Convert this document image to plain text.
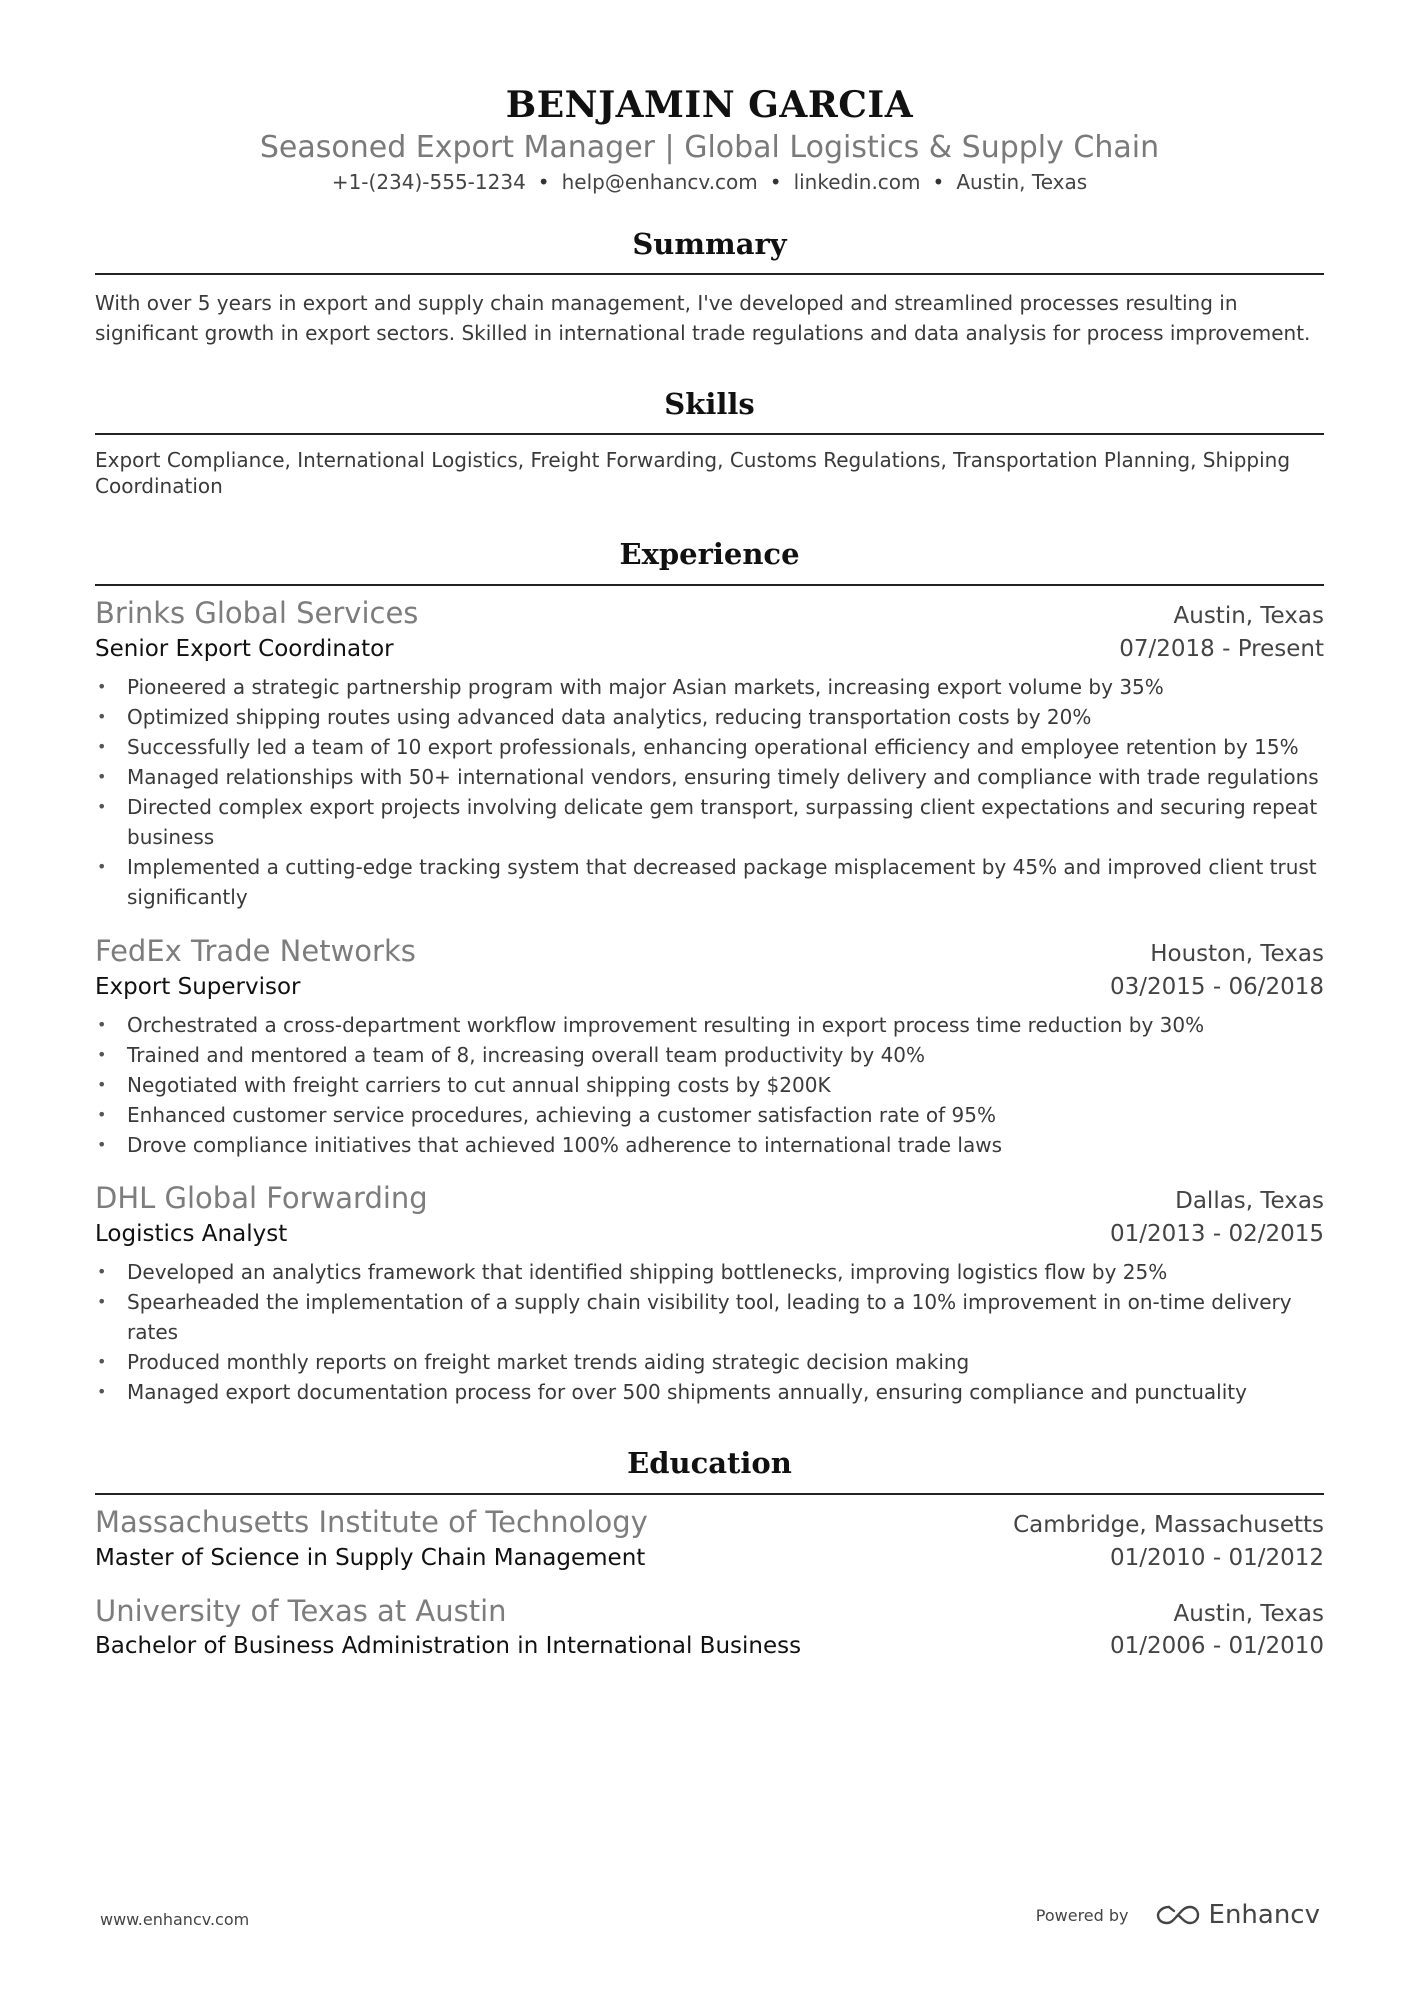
BENJAMIN GARCIA
Seasoned Export Manager | Global Logistics & Supply Chain
+1-(234)-555-1234 • help@enhancv.com • linkedin.com • Austin, Texas
Summary
With over 5 years in export and supply chain management, I've developed and streamlined processes resulting in significant growth in export sectors. Skilled in international trade regulations and data analysis for process improvement.
Skills
Export Compliance, International Logistics, Freight Forwarding, Customs Regulations, Transportation Planning, Shipping Coordination
Experience
Brinks Global Services	Austin, Texas
Senior Export Coordinator	07/2018 - Present
• Pioneered a strategic partnership program with major Asian markets, increasing export volume by 35%
• Optimized shipping routes using advanced data analytics, reducing transportation costs by 20%
• Successfully led a team of 10 export professionals, enhancing operational efficiency and employee retention by 15%
• Managed relationships with 50+ international vendors, ensuring timely delivery and compliance with trade regulations
• Directed complex export projects involving delicate gem transport, surpassing client expectations and securing repeat business
• Implemented a cutting-edge tracking system that decreased package misplacement by 45% and improved client trust significantly
FedEx Trade Networks	Houston, Texas
Export Supervisor	03/2015 - 06/2018
• Orchestrated a cross-department workflow improvement resulting in export process time reduction by 30%
• Trained and mentored a team of 8, increasing overall team productivity by 40%
• Negotiated with freight carriers to cut annual shipping costs by $200K
• Enhanced customer service procedures, achieving a customer satisfaction rate of 95%
• Drove compliance initiatives that achieved 100% adherence to international trade laws
DHL Global Forwarding	Dallas, Texas
Logistics Analyst	01/2013 - 02/2015
• Developed an analytics framework that identified shipping bottlenecks, improving logistics flow by 25%
• Spearheaded the implementation of a supply chain visibility tool, leading to a 10% improvement in on-time delivery rates
• Produced monthly reports on freight market trends aiding strategic decision making
• Managed export documentation process for over 500 shipments annually, ensuring compliance and punctuality
Education
Massachusetts Institute of Technology	Cambridge, Massachusetts
Master of Science in Supply Chain Management	01/2010 - 01/2012
University of Texas at Austin	Austin, Texas
Bachelor of Business Administration in International Business	01/2006 - 01/2010
www.enhancv.com	Powered by	Enhancv
